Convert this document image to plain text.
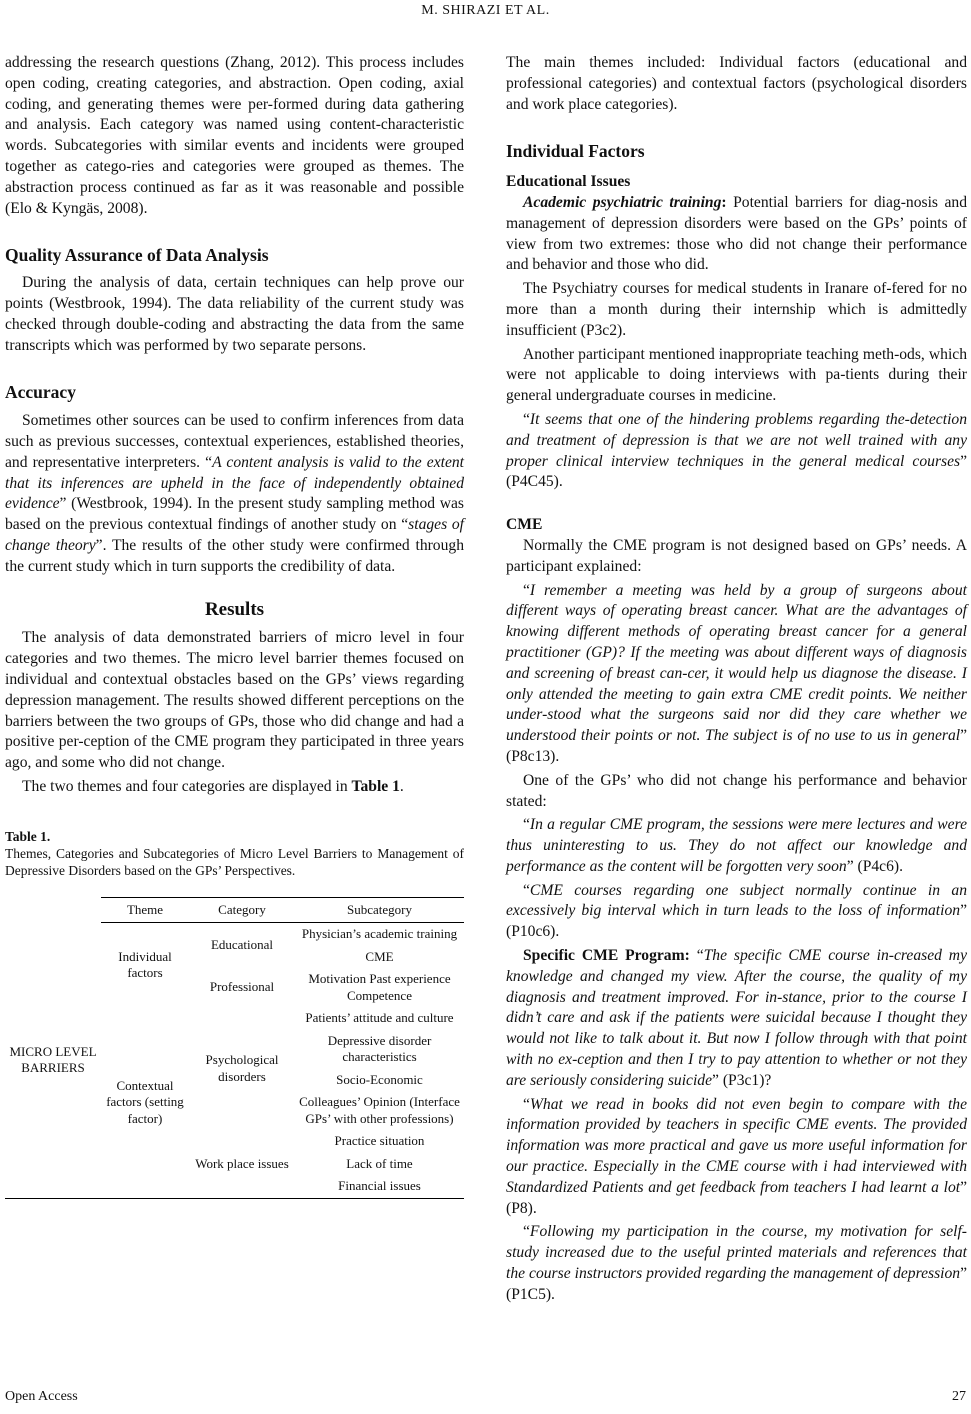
M. SHIRAZI ET AL.

addressing the research questions (Zhang, 2012). This process includes open coding, creating categories, and abstraction. Open coding, axial coding, and generating themes were per-formed during data gathering and analysis. Each category was named using content-characteristic words. Subcategories with similar events and incidents were grouped together as catego-ries and categories were grouped as themes. The abstraction process continued as far as it was reasonable and possible (Elo & Kyngäs, 2008).

Quality Assurance of Data Analysis

During the analysis of data, certain techniques can help prove our points (Westbrook, 1994). The data reliability of the current study was checked through double-coding and abstracting the data from the same transcripts which was performed by two separate persons.

Accuracy

Sometimes other sources can be used to confirm inferences from data such as previous successes, contextual experiences, established theories, and representative interpreters. “A content analysis is valid to the extent that its inferences are upheld in the face of independently obtained evidence” (Westbrook, 1994). In the present study sampling method was based on the previous contextual findings of another study on “stages of change theory”. The results of the other study were confirmed through the current study which in turn supports the credibility of data.

Results

The analysis of data demonstrated barriers of micro level in four categories and two themes. The micro level barrier themes focused on individual and contextual obstacles based on the GPs’ views regarding depression management. The results showed different perceptions on the barriers between the two groups of GPs, those who did change and had a positive per-ception of the CME program they participated in three years ago, and some who did not change.

The two themes and four categories are displayed in Table 1.

Table 1.
Themes, Categories and Subcategories of Micro Level Barriers to Management of Depressive Disorders based on the GPs’ Perspectives.
	Theme	Category	Subcategory
MICRO LEVEL BARRIERS	Individual factors	Educational	Physician’s academic training
			CME
		Professional	Motivation Past experience Competence
	Contextual factors (setting factor)	Psychological disorders	Patients’ attitude and culture
			Depressive disorder characteristics
			Socio-Economic
			Colleagues’ Opinion (Interface GPs’ with other professions)
		Work place issues	Practice situation
			Lack of time
			Financial issues

The main themes included: Individual factors (educational and professional categories) and contextual factors (psychological disorders and work place categories).

Individual Factors
Educational Issues

Academic psychiatric training: Potential barriers for diag-nosis and management of depression disorders were based on the GPs’ points of view from two extremes: those who did not change their performance and behavior and those who did.

The Psychiatry courses for medical students in Iranare of-fered for no more than a month during their internship which is admittedly insufficient (P3c2).

Another participant mentioned inappropriate teaching meth-ods, which were not applicable to doing interviews with pa-tients during their general undergraduate courses in medicine.

“It seems that one of the hindering problems regarding the-detection and treatment of depression is that we are not well trained with any proper clinical interview techniques in the general medical courses” (P4C45).

CME

Normally the CME program is not designed based on GPs’ needs. A participant explained:

“I remember a meeting was held by a group of surgeons about different ways of operating breast cancer. What are the advantages of knowing different methods of operating breast cancer for a general practitioner (GP)? If the meeting was about different ways of diagnosis and screening of breast can-cer, it would help us diagnose the disease. I only attended the meeting to gain extra CME credit points. We neither under-stood what the surgeons said nor did they care whether we understood their points or not. The subject is of no use to us in general” (P8c13).

One of the GPs’ who did not change his performance and behavior stated:

“In a regular CME program, the sessions were mere lectures and were thus uninteresting to us. They do not affect our knowledge and performance as the content will be forgotten very soon” (P4c6).

“CME courses regarding one subject normally continue in an excessively big interval which in turn leads to the loss of information” (P10c6).

Specific CME Program: “The specific CME course in-creased my knowledge and changed my view. After the course, the quality of my diagnosis and treatment improved. For in-stance, prior to the course I didn’t care and ask if the patients were suicidal because I thought they would not like to talk about it. But now I follow through with that point with no ex-ception and then I try to pay attention to whether or not they are seriously considering suicide” (P3c1)?

“What we read in books did not even begin to compare with the information provided by teachers in specific CME events. The provided information was more practical and gave us more useful information for our practice. Especially in the CME course with i had interviewed with Standardized Patients and get feedback from teachers I had learnt a lot” (P8).

“Following my participation in the course, my motivation for self-study increased due to the useful printed materials and references that the course instructors provided regarding the management of depression” (P1C5).

Open Access	27
